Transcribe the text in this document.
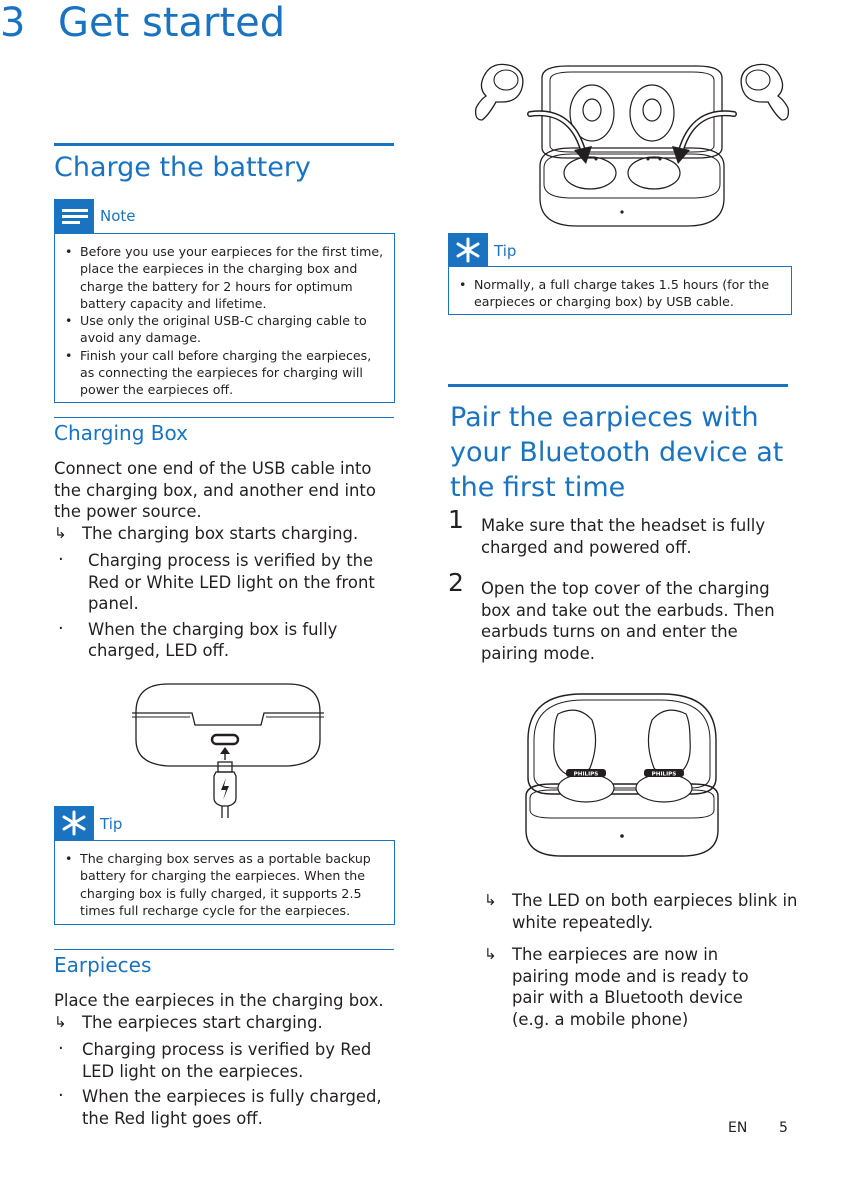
3 Get started
Charge the battery
Note
• Before you use your earpieces for the first time, place the earpieces in the charging box and charge the battery for 2 hours for optimum battery capacity and lifetime.
• Use only the original USB-C charging cable to avoid any damage.
• Finish your call before charging the earpieces, as connecting the earpieces for charging will power the earpieces off.
Charging Box
Connect one end of the USB cable into the charging box, and another end into the power source.
↳ The charging box starts charging.
· Charging process is verified by the Red or White LED light on the front panel.
· When the charging box is fully charged, LED off.
Tip
• The charging box serves as a portable backup battery for charging the earpieces. When the charging box is fully charged, it supports 2.5 times full recharge cycle for the earpieces.
Earpieces
Place the earpieces in the charging box.
↳ The earpieces start charging.
· Charging process is verified by Red LED light on the earpieces.
· When the earpieces is fully charged, the Red light goes off.
Tip
• Normally, a full charge takes 1.5 hours (for the earpieces or charging box) by USB cable.
Pair the earpieces with
your Bluetooth device at
the first time
1 Make sure that the headset is fully charged and powered off.
2 Open the top cover of the charging box and take out the earbuds. Then earbuds turns on and enter the pairing mode.
PHILIPS	PHILIPS
↳ The LED on both earpieces blink in white repeatedly.
↳ The earpieces are now in pairing mode and is ready to pair with a Bluetooth device (e.g. a mobile phone)
EN 5
